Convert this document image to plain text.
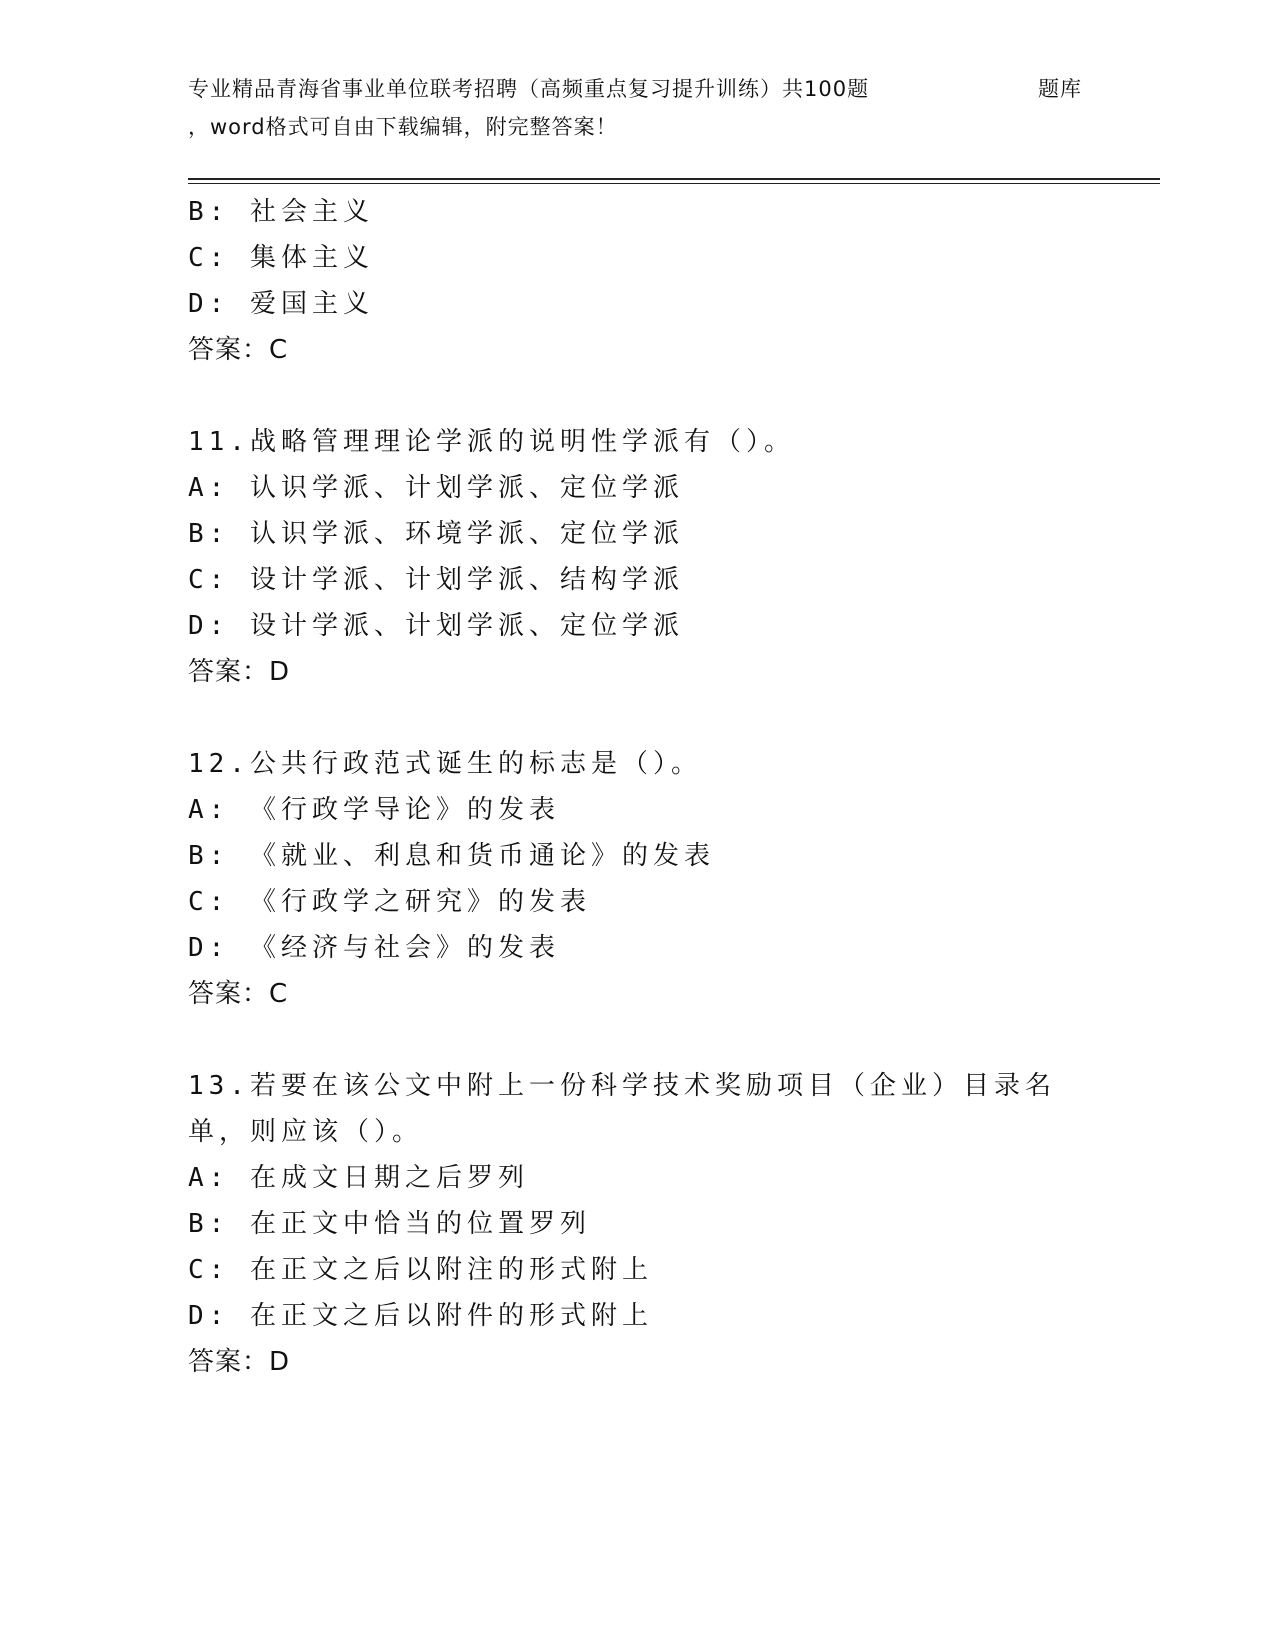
专业精品青海省事业单位联考招聘（高频重点复习提升训练）共100题	题库
，word格式可自由下载编辑，附完整答案！
B: 社会主义
C: 集体主义
D: 爱国主义
答案：C
11.战略管理理论学派的说明性学派有（）。
A: 认识学派、计划学派、定位学派
B: 认识学派、环境学派、定位学派
C: 设计学派、计划学派、结构学派
D: 设计学派、计划学派、定位学派
答案：D
12.公共行政范式诞生的标志是（）。
A: 《行政学导论》的发表
B: 《就业、利息和货币通论》的发表
C: 《行政学之研究》的发表
D: 《经济与社会》的发表
答案：C
13.若要在该公文中附上一份科学技术奖励项目（企业）目录名单，则应该（）。
A: 在成文日期之后罗列
B: 在正文中恰当的位置罗列
C: 在正文之后以附注的形式附上
D: 在正文之后以附件的形式附上
答案：D
